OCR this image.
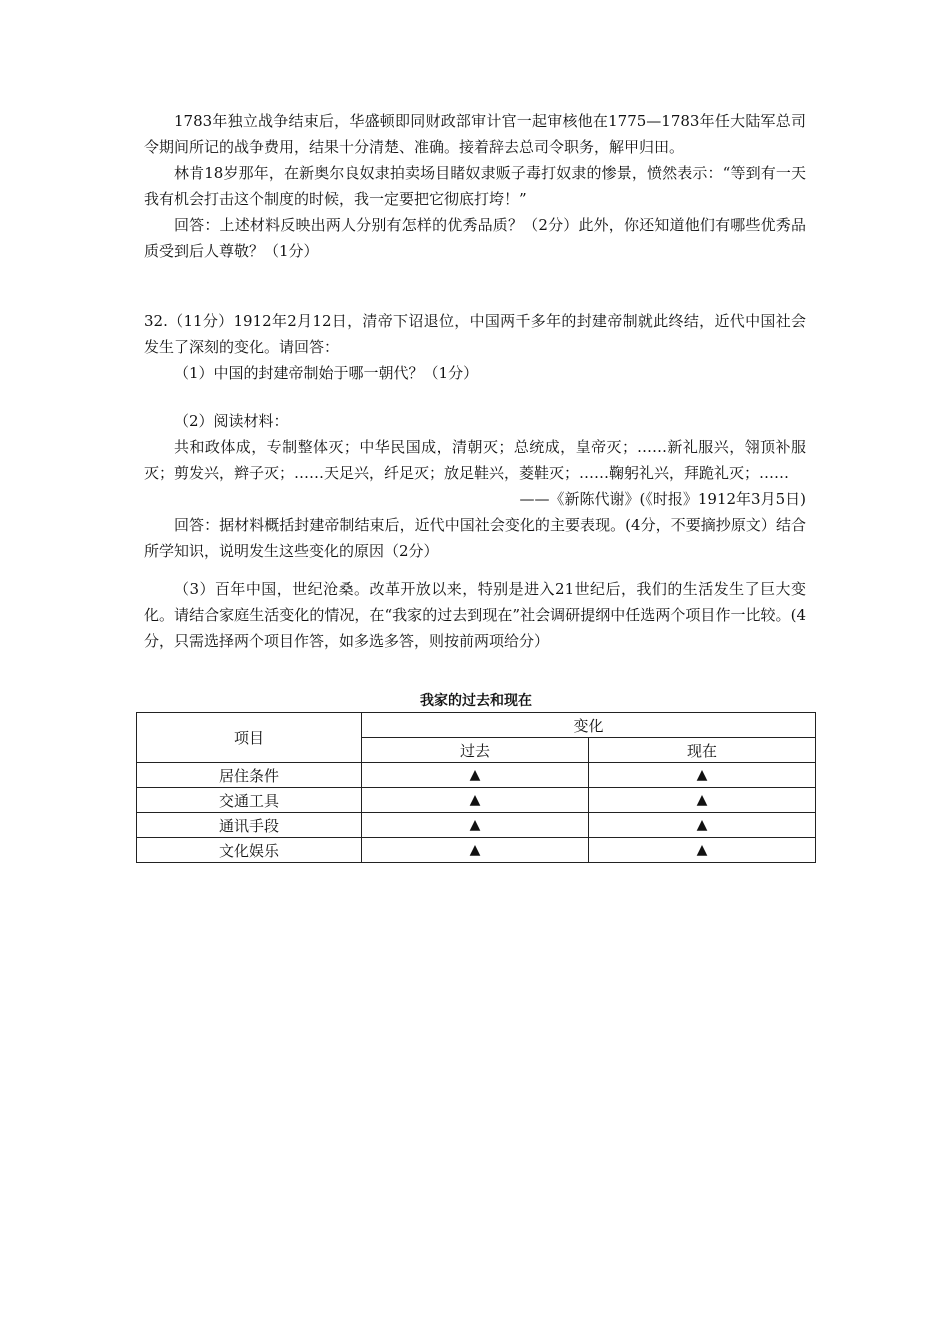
1783年独立战争结束后，华盛顿即同财政部审计官一起审核他在1775—1783年任大陆军总司令期间所记的战争费用，结果十分清楚、准确。接着辞去总司令职务，解甲归田。

林肯18岁那年，在新奥尔良奴隶拍卖场目睹奴隶贩子毒打奴隶的惨景，愤然表示：“等到有一天我有机会打击这个制度的时候，我一定要把它彻底打垮！”

回答：上述材料反映出两人分别有怎样的优秀品质？（2分）此外，你还知道他们有哪些优秀品质受到后人尊敬？（1分）

32.（11分）1912年2月12日，清帝下诏退位，中国两千多年的封建帝制就此终结，近代中国社会发生了深刻的变化。请回答：

（1）中国的封建帝制始于哪一朝代？（1分）

（2）阅读材料：

共和政体成，专制整体灭；中华民国成，清朝灭；总统成，皇帝灭；……新礼服兴，翎顶补服灭；剪发兴，辫子灭；……天足兴，纤足灭；放足鞋兴，菱鞋灭；……鞠躬礼兴，拜跪礼灭；……

——《新陈代谢》(《时报》1912年3月5日)

回答：据材料概括封建帝制结束后，近代中国社会变化的主要表现。(4分，不要摘抄原文）结合所学知识，说明发生这些变化的原因（2分）

（3）百年中国，世纪沧桑。改革开放以来，特别是进入21世纪后，我们的生活发生了巨大变化。请结合家庭生活变化的情况，在“我家的过去到现在”社会调研提纲中任选两个项目作一比较。(4分，只需选择两个项目作答，如多选多答，则按前两项给分）

我家的过去和现在
项目	变化	
	过去	现在
居住条件	▲	▲
交通工具	▲	▲
通讯手段	▲	▲
文化娱乐	▲	▲
